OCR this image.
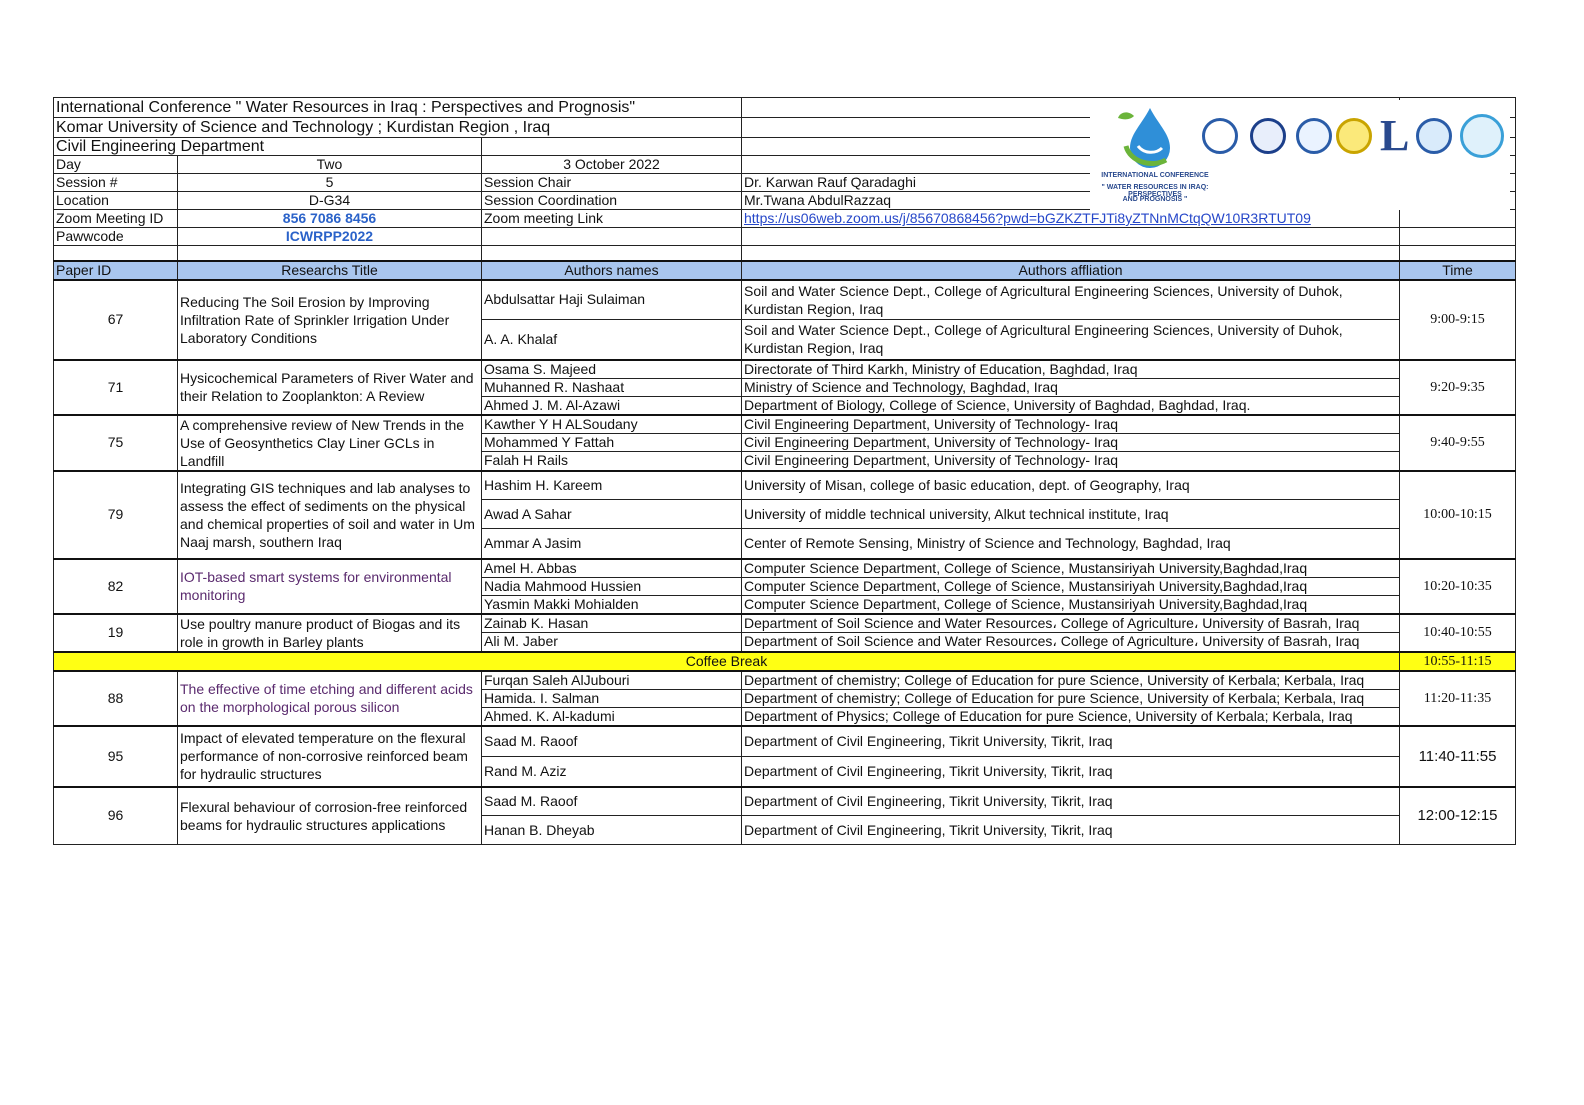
International Conference " Water Resources in Iraq : Perspectives and Prognosis"				
Komar University of Science and Technology ; Kurdistan Region , Iraq				
Civil Engineering Department				
Day	Two	3 October 2022		
Session #	5	Session Chair	Dr. Karwan Rauf Qaradaghi	
Location	D-G34	Session Coordination	Mr.Twana AbdulRazzaq	
Zoom Meeting ID	856 7086 8456	Zoom meeting Link	https://us06web.zoom.us/j/85670868456?pwd=bGZKZTFJTi8yZTNnMCtqQW10R3RTUT09	
Pawwcode	ICWRPP2022			

Paper ID	Researchs Title	Authors names	Authors affliation	Time
67	Reducing The Soil Erosion by Improving Infiltration Rate of Sprinkler Irrigation Under Laboratory Conditions	Abdulsattar Haji Sulaiman	Soil and Water Science Dept., College of Agricultural Engineering Sciences, University of Duhok, Kurdistan Region, Iraq	9:00-9:15
		A. A. Khalaf	Soil and Water Science Dept., College of Agricultural Engineering Sciences, University of Duhok, Kurdistan Region, Iraq	
71	Hysicochemical Parameters of River Water and their Relation to Zooplankton: A Review	Osama S. Majeed	Directorate of Third Karkh, Ministry of Education, Baghdad, Iraq	9:20-9:35
		Muhanned R. Nashaat	Ministry of Science and Technology, Baghdad, Iraq	
		Ahmed J. M. Al-Azawi	Department of Biology, College of Science, University of Baghdad, Baghdad, Iraq.	
75	A comprehensive review of New Trends in the Use of Geosynthetics Clay Liner GCLs in Landfill	Kawther Y H ALSoudany	Civil Engineering Department, University of Technology- Iraq	9:40-9:55
		Mohammed Y Fattah	Civil Engineering Department, University of Technology- Iraq	
		Falah H Rails	Civil Engineering Department, University of Technology- Iraq	
79	Integrating GIS techniques and lab analyses to assess the effect of sediments on the physical and chemical properties of soil and water in Um Naaj marsh, southern Iraq	Hashim H. Kareem	University of Misan, college of basic education, dept. of Geography, Iraq	10:00-10:15
		Awad A Sahar	University of middle technical university, Alkut technical institute, Iraq	
		Ammar A Jasim	Center of Remote Sensing, Ministry of Science and Technology, Baghdad, Iraq	
82	IOT-based smart systems for environmental monitoring	Amel H. Abbas	Computer Science Department, College of Science, Mustansiriyah University,Baghdad,Iraq	10:20-10:35
		Nadia Mahmood Hussien	Computer Science Department, College of Science, Mustansiriyah University,Baghdad,Iraq	
		Yasmin Makki Mohialden	Computer Science Department, College of Science, Mustansiriyah University,Baghdad,Iraq	
19	Use poultry manure product of Biogas and its role in growth in Barley plants	Zainab K. Hasan	Department of Soil Science and Water Resources، College of Agriculture، University of Basrah, Iraq	10:40-10:55
		Ali M. Jaber	Department of Soil Science and Water Resources، College of Agriculture، University of Basrah, Iraq	
Coffee Break				10:55-11:15
88	The effective of time etching and different acids on the morphological porous silicon	Furqan Saleh AlJubouri	Department of chemistry; College of Education for pure Science, University of Kerbala; Kerbala, Iraq	11:20-11:35
		Hamida. I. Salman	Department of chemistry; College of Education for pure Science, University of Kerbala; Kerbala, Iraq	
		Ahmed. K. Al-kadumi	Department of Physics; College of Education for pure Science, University of Kerbala; Kerbala, Iraq	
95	Impact of elevated temperature on the flexural performance of non-corrosive reinforced beam for hydraulic structures	Saad M. Raoof	Department of Civil Engineering, Tikrit University, Tikrit, Iraq	11:40-11:55
		Rand M. Aziz	Department of Civil Engineering, Tikrit University, Tikrit, Iraq	
96	Flexural behaviour of corrosion-free reinforced beams for hydraulic structures applications	Saad M. Raoof	Department of Civil Engineering, Tikrit University, Tikrit, Iraq	12:00-12:15
		Hanan B. Dheyab	Department of Civil Engineering, Tikrit University, Tikrit, Iraq	
INTERNATIONAL CONFERENCE
" WATER RESOURCES IN IRAQ: PERSPECTIVES
AND PROGNOSIS "
L
